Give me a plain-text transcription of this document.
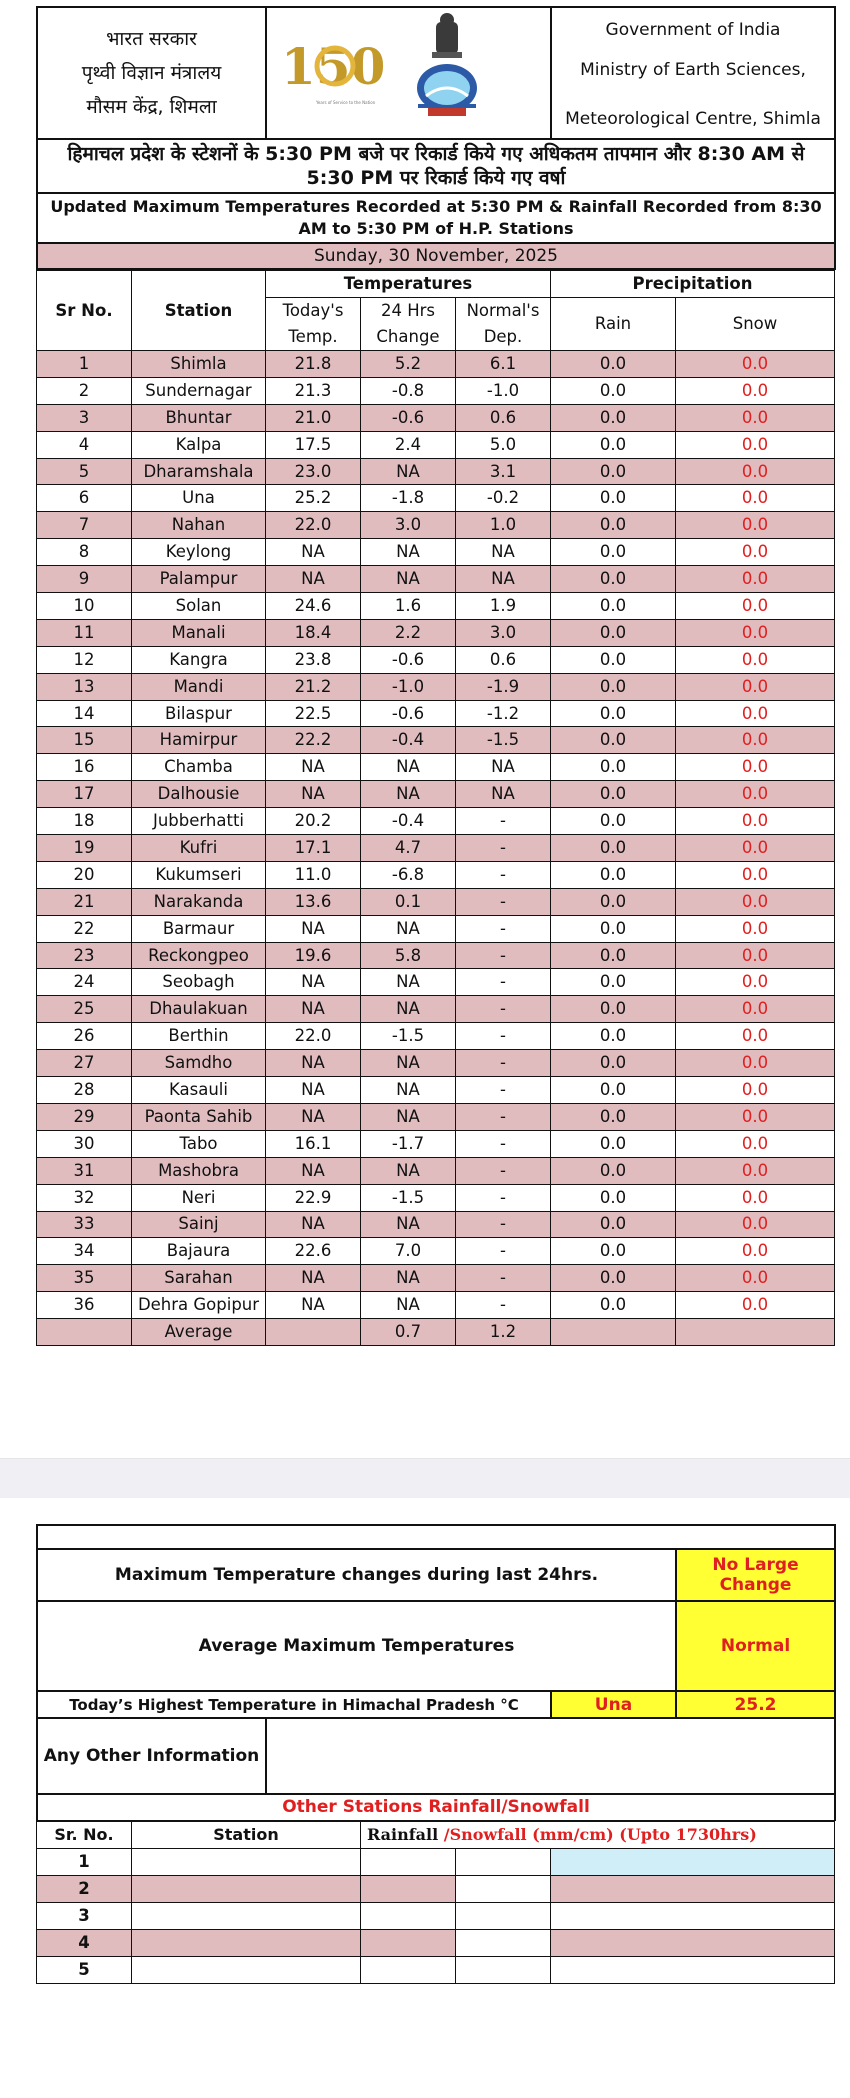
भारत सरकार
पृथ्वी विज्ञान मंत्रालय
मौसम केंद्र, शिमला

150
Years of Service to the Nation

Government of India
Ministry of Earth Sciences,
Meteorological Centre, Shimla

हिमाचल प्रदेश के स्टेशनों के 5:30 PM बजे पर रिकार्ड किये गए अधिकतम तापमान और 8:30 AM से 5:30 PM पर रिकार्ड किये गए वर्षा
Updated Maximum Temperatures Recorded at 5:30 PM & Rainfall Recorded from 8:30 AM to 5:30 PM of H.P. Stations
Sunday, 30 November, 2025
Sr No.	Station	Temperatures			Precipitation	
		Today's	24 Hrs	Normal's	Rain	Snow
		Temp.	Change	Dep.		
1	Shimla	21.8	5.2	6.1	0.0	0.0
2	Sundernagar	21.3	-0.8	-1.0	0.0	0.0
3	Bhuntar	21.0	-0.6	0.6	0.0	0.0
4	Kalpa	17.5	2.4	5.0	0.0	0.0
5	Dharamshala	23.0	NA	3.1	0.0	0.0
6	Una	25.2	-1.8	-0.2	0.0	0.0
7	Nahan	22.0	3.0	1.0	0.0	0.0
8	Keylong	NA	NA	NA	0.0	0.0
9	Palampur	NA	NA	NA	0.0	0.0
10	Solan	24.6	1.6	1.9	0.0	0.0
11	Manali	18.4	2.2	3.0	0.0	0.0
12	Kangra	23.8	-0.6	0.6	0.0	0.0
13	Mandi	21.2	-1.0	-1.9	0.0	0.0
14	Bilaspur	22.5	-0.6	-1.2	0.0	0.0
15	Hamirpur	22.2	-0.4	-1.5	0.0	0.0
16	Chamba	NA	NA	NA	0.0	0.0
17	Dalhousie	NA	NA	NA	0.0	0.0
18	Jubberhatti	20.2	-0.4	-	0.0	0.0
19	Kufri	17.1	4.7	-	0.0	0.0
20	Kukumseri	11.0	-6.8	-	0.0	0.0
21	Narakanda	13.6	0.1	-	0.0	0.0
22	Barmaur	NA	NA	-	0.0	0.0
23	Reckongpeo	19.6	5.8	-	0.0	0.0
24	Seobagh	NA	NA	-	0.0	0.0
25	Dhaulakuan	NA	NA	-	0.0	0.0
26	Berthin	22.0	-1.5	-	0.0	0.0
27	Samdho	NA	NA	-	0.0	0.0
28	Kasauli	NA	NA	-	0.0	0.0
29	Paonta Sahib	NA	NA	-	0.0	0.0
30	Tabo	16.1	-1.7	-	0.0	0.0
31	Mashobra	NA	NA	-	0.0	0.0
32	Neri	22.9	-1.5	-	0.0	0.0
33	Sainj	NA	NA	-	0.0	0.0
34	Bajaura	22.6	7.0	-	0.0	0.0
35	Sarahan	NA	NA	-	0.0	0.0
36	Dehra Gopipur	NA	NA	-	0.0	0.0
	Average		0.7	1.2		

Maximum Temperature changes during last 24hrs.			No Large Change
Average Maximum Temperatures			Normal
Today’s Highest Temperature in Himachal Pradesh °C		Una	25.2
Any Other Information			
Other Stations Rainfall/Snowfall			
Sr. No.	Station	Rainfall /Snowfall (mm/cm) (Upto 1730hrs)		
1				
2				
3				
4				
5				
